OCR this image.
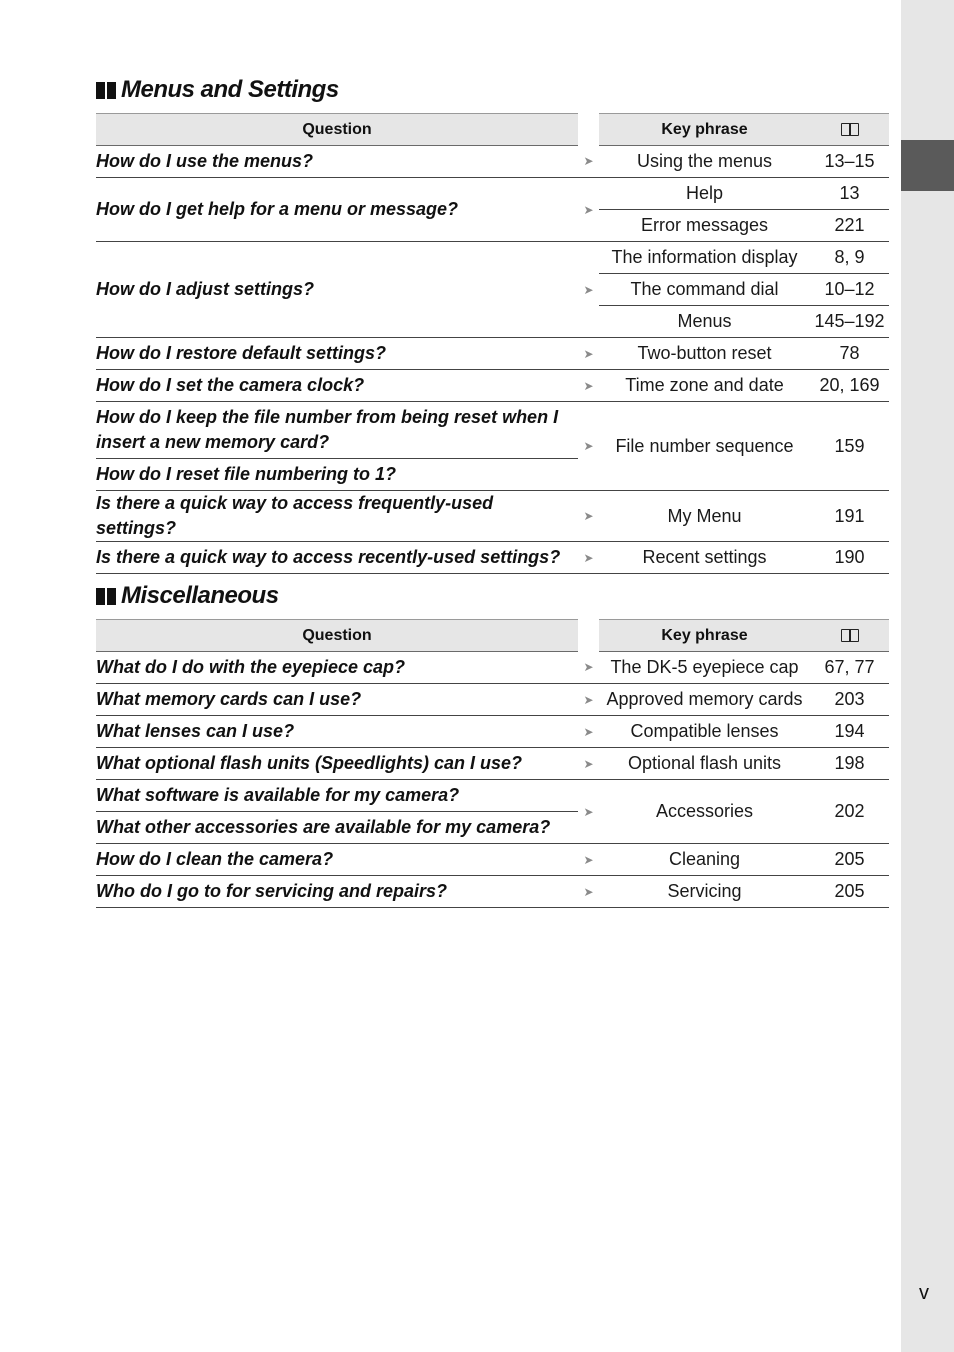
v
Menus and Settings
Question		Key phrase	
How do I use the menus?	➤	Using the menus	13–15
How do I get help for a menu or message?	➤	Help	13
		Error messages	221
How do I adjust settings?	➤	The information display	8, 9
		The command dial	10–12
		Menus	145–192
How do I restore default settings?	➤	Two-button reset	78
How do I set the camera clock?	➤	Time zone and date	20, 169
How do I keep the file number from being reset when I insert a new memory card?	➤	File number sequence	159
How do I reset file numbering to 1?			
Is there a quick way to access frequently-used settings?	➤	My Menu	191
Is there a quick way to access recently-used settings?	➤	Recent settings	190
Miscellaneous
Question		Key phrase	
What do I do with the eyepiece cap?	➤	The DK-5 eyepiece cap	67, 77
What memory cards can I use?	➤	Approved memory cards	203
What lenses can I use?	➤	Compatible lenses	194
What optional flash units (Speedlights) can I use?	➤	Optional flash units	198
What software is available for my camera?	➤	Accessories	202
What other accessories are available for my camera?			
How do I clean the camera?	➤	Cleaning	205
Who do I go to for servicing and repairs?	➤	Servicing	205
